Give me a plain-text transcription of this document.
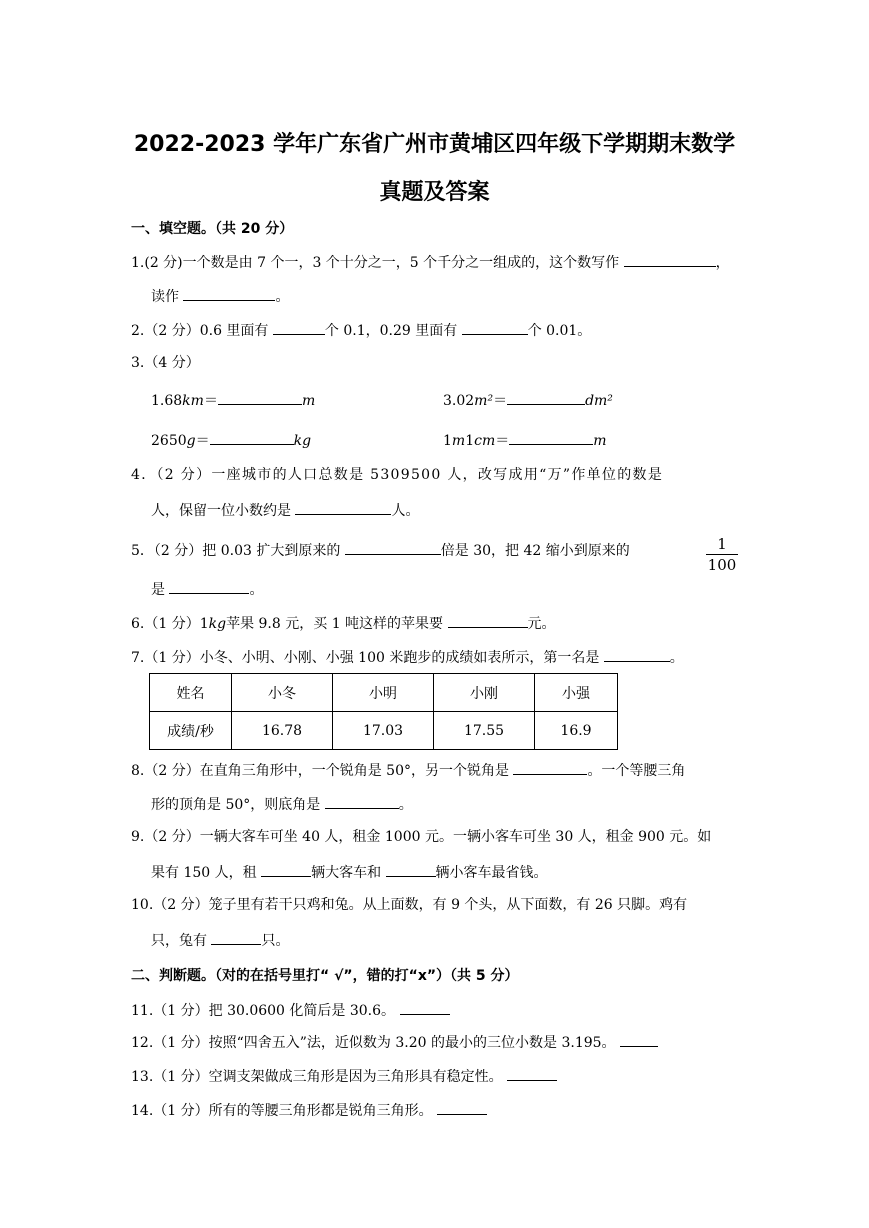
2022-2023 学年广东省广州市黄埔区四年级下学期期末数学
真题及答案
一、填空题。（共 20 分）
1.(2 分)一个数是由 7 个一，3 个十分之一，5 个千分之一组成的，这个数写作	，
读作	。
2.（2 分）0.6 里面有	个 0.1，0.29 里面有	个 0.01。
3.（4 分）
1.68km＝	m	3.02m²＝	dm²
2650g＝	kg	1m1cm＝	m
4．（2 分）一座城市的人口总数是 5309500 人，改写成用“万”作单位的数是
人，保留一位小数约是	人。
5．（2 分）把 0.03 扩大到原来的	倍是 30，把 42 缩小到原来的	1
100
是	。
6.（1 分）1kg苹果 9.8 元，买 1 吨这样的苹果要	元。
7.（1 分）小冬、小明、小刚、小强 100 米跑步的成绩如表所示，第一名是	。
姓名	小冬	小明	小刚	小强
成绩/秒	16.78	17.03	17.55	16.9
8.（2 分）在直角三角形中，一个锐角是 50°，另一个锐角是	。一个等腰三角
形的顶角是 50°，则底角是	。
9.（2 分）一辆大客车可坐 40 人，租金 1000 元。一辆小客车可坐 30 人，租金 900 元。如
果有 150 人，租	辆大客车和	辆小客车最省钱。
10.（2 分）笼子里有若干只鸡和兔。从上面数，有 9 个头，从下面数，有 26 只脚。鸡有
只，兔有	只。
二、判断题。（对的在括号里打“ √”，错的打“x”）（共 5 分）
11.（1 分）把 30.0600 化简后是 30.6。
12.（1 分）按照“四舍五入”法，近似数为 3.20 的最小的三位小数是 3.195。
13.（1 分）空调支架做成三角形是因为三角形具有稳定性。
14.（1 分）所有的等腰三角形都是锐角三角形。
